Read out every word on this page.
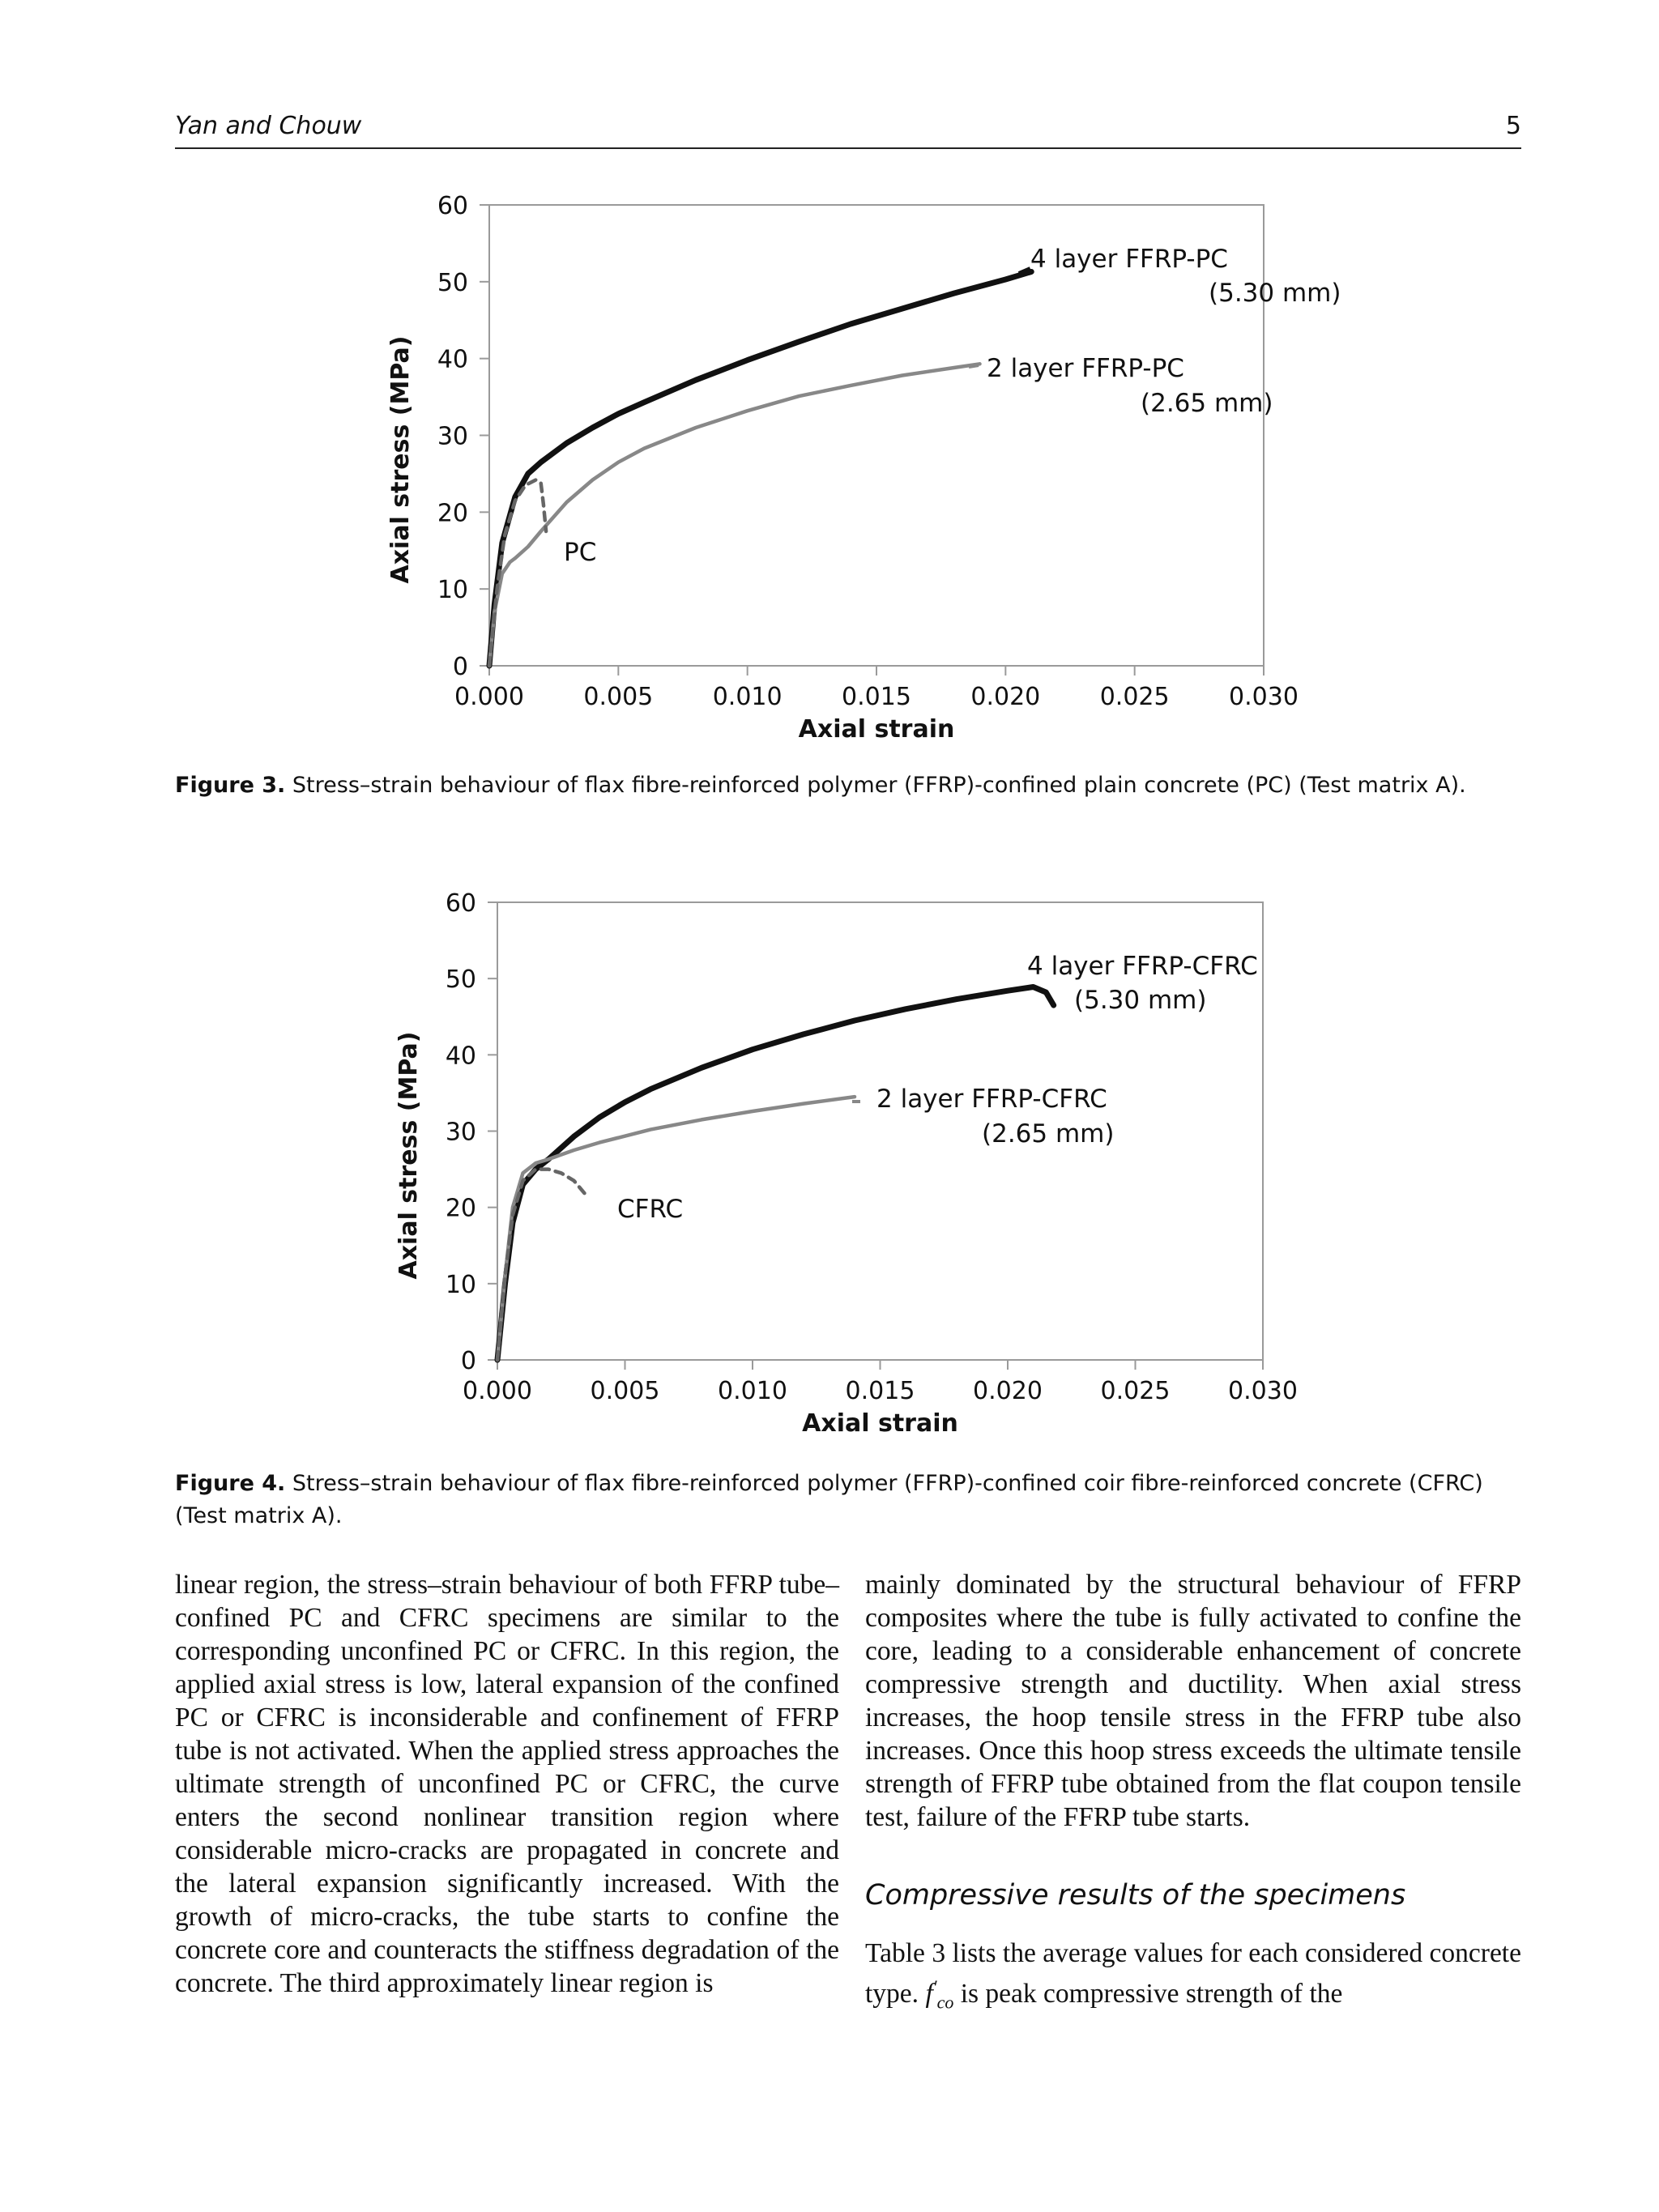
Yan and Chouw	5
0
10
20
30
40
50
60
0.000 0.005 0.010 0.015 0.020 0.025 0.030
Axial strain
Axial stress (MPa)
4 layer FFRP-PC
(5.30 mm)
2 layer FFRP-PC
(2.65 mm)
PC
Figure 3. Stress–strain behaviour of flax fibre-reinforced polymer (FFRP)-confined plain concrete (PC) (Test matrix A).
0
10
20
30
40
50
60
0.000 0.005 0.010 0.015 0.020 0.025 0.030
Axial strain
Axial stress (MPa)
4 layer FFRP-CFRC
(5.30 mm)
2 layer FFRP-CFRC
(2.65 mm)
CFRC
Figure 4. Stress–strain behaviour of flax fibre-reinforced polymer (FFRP)-confined coir fibre-reinforced concrete (CFRC) (Test matrix A).

linear region, the stress–strain behaviour of both FFRP tube–confined PC and CFRC specimens are similar to the corresponding unconfined PC or CFRC. In this region, the applied axial stress is low, lateral expansion of the confined PC or CFRC is inconsiderable and confinement of FFRP tube is not activated. When the applied stress approaches the ultimate strength of unconfined PC or CFRC, the curve enters the second nonlinear transition region where considerable micro-cracks are propagated in concrete and the lateral expansion significantly increased. With the growth of micro-cracks, the tube starts to confine the concrete core and counteracts the stiffness degradation of the concrete. The third approximately linear region is

mainly dominated by the structural behaviour of FFRP composites where the tube is fully activated to confine the core, leading to a considerable enhancement of concrete compressive strength and ductility. When axial stress increases, the hoop tensile stress in the FFRP tube also increases. Once this hoop stress exceeds the ultimate tensile strength of FFRP tube obtained from the flat coupon tensile test, failure of the FFRP tube starts.

Compressive results of the specimens

Table 3 lists the average values for each considered concrete type. $f'_{co}$ is peak compressive strength of the
